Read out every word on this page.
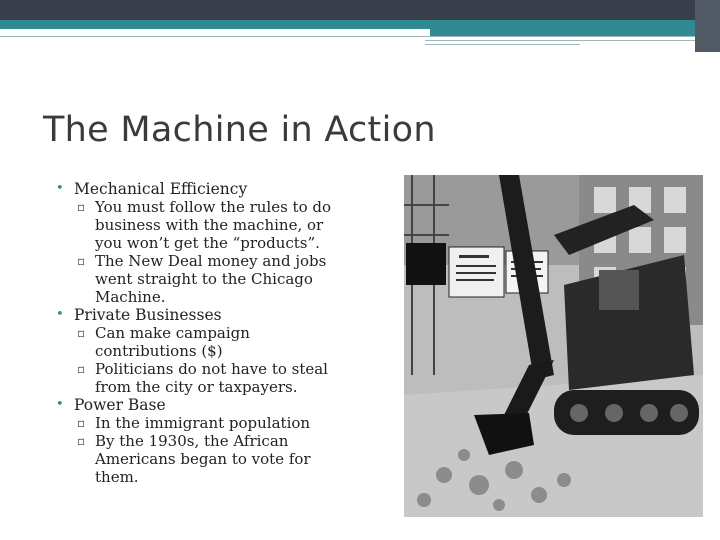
The Machine in Action
• Mechanical Efficiency
▫ You must follow the rules to do business with the machine, or you won’t get the “products”.
▫ The New Deal money and jobs went straight to the Chicago Machine.
• Private Businesses
▫ Can make campaign contributions ($)
▫ Politicians do not have to steal from the city or taxpayers.
• Power Base
▫ In the immigrant population
▫ By the 1930s, the African Americans began to vote for them.
